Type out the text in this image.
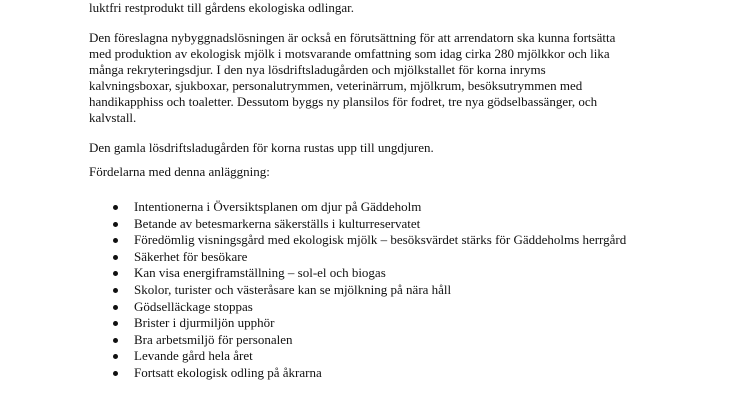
luktfri restprodukt till gårdens ekologiska odlingar.
Den föreslagna nybyggnadslösningen är också en förutsättning för att arrendatorn ska kunna fortsätta
med produktion av ekologisk mjölk i motsvarande omfattning som idag cirka 280 mjölkkor och lika
många rekryteringsdjur. I den nya lösdriftsladugården och mjölkstallet för korna inryms
kalvningsboxar, sjukboxar, personalutrymmen, veterinärrum, mjölkrum, besöksutrymmen med
handikapphiss och toaletter. Dessutom byggs ny plansilos för fodret, tre nya gödselbassänger, och
kalvstall.
Den gamla lösdriftsladugården för korna rustas upp till ungdjuren.
Fördelarna med denna anläggning:
Intentionerna i Översiktsplanen om djur på Gäddeholm
Betande av betesmarkerna säkerställs i kulturreservatet
Föredömlig visningsgård med ekologisk mjölk – besöksvärdet stärks för Gäddeholms herrgård
Säkerhet för besökare
Kan visa energiframställning – sol-el och biogas
Skolor, turister och västeråsare kan se mjölkning på nära håll
Gödselläckage stoppas
Brister i djurmiljön upphör
Bra arbetsmiljö för personalen
Levande gård hela året
Fortsatt ekologisk odling på åkrarna
